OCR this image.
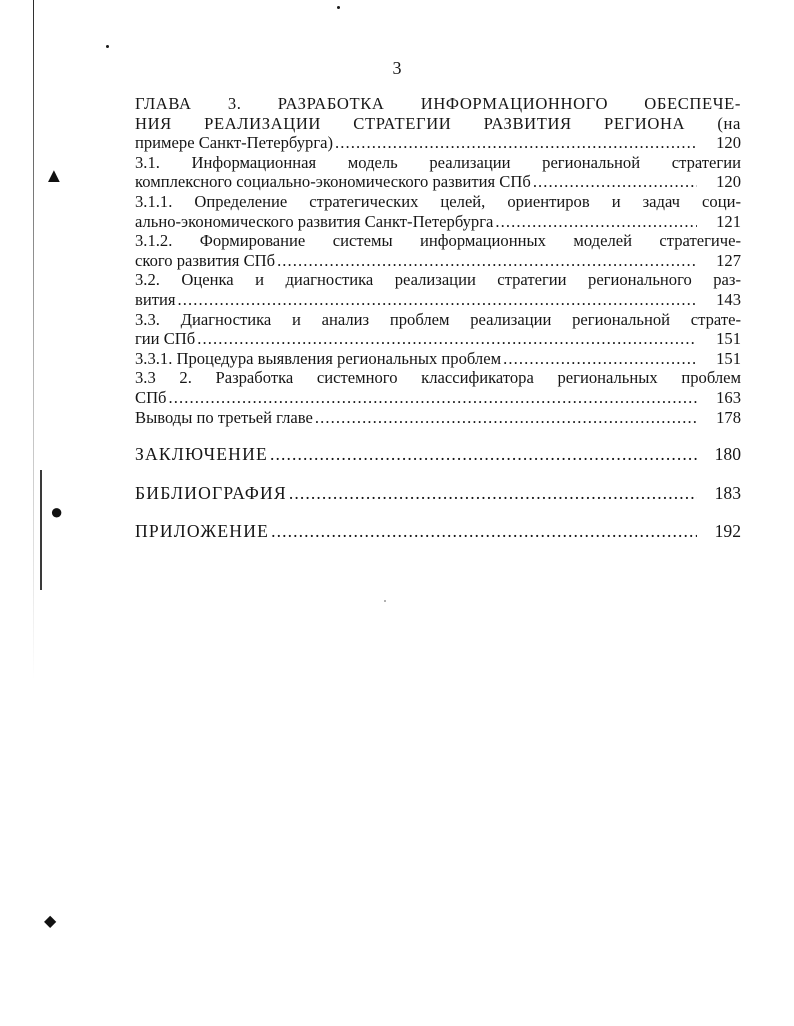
▲
●
◆
3
ГЛАВА 3. РАЗРАБОТКА ИНФОРМАЦИОННОГО ОБЕСПЕЧЕ-
НИЯ РЕАЛИЗАЦИИ СТРАТЕГИИ РАЗВИТИЯ РЕГИОНА (на
примере Санкт-Петербурга) .....	120
3.1. Информационная модель реализации региональной стратегии
комплексного социально-экономического развития СПб .....	120
3.1.1. Определение стратегических целей, ориентиров и задач соци-
ально-экономического развития Санкт-Петербурга .....	121
3.1.2. Формирование системы информационных моделей стратегиче-
ского развития СПб .....	127
3.2. Оценка и диагностика реализации стратегии регионального раз-
вития .....	143
3.3. Диагностика и анализ проблем реализации региональной страте-
гии СПб .....	151
3.3.1. Процедура выявления региональных проблем .....	151
3.3 2. Разработка системного классификатора региональных проблем
СПб .....	163
Выводы по третьей главе .....	178
ЗАКЛЮЧЕНИЕ .....	180
БИБЛИОГРАФИЯ .....	183
ПРИЛОЖЕНИЕ .....	192
